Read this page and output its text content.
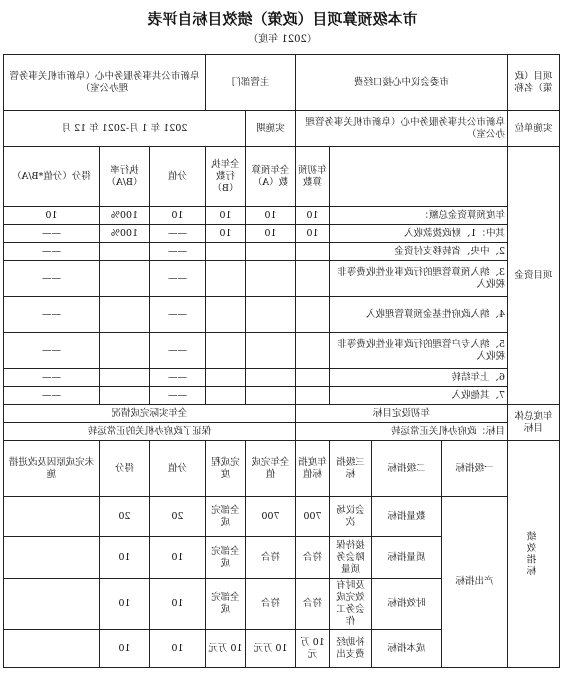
市本级预算项目（政策）绩效目标自评表
（2021 年度）
项目（政策）名称	市委会议中心接口经费				主管部门		阜新市公共事务服务中心（阜新市机关事务管理办公室）		
实施单位	阜新市公共事务服务中心（阜新市机关事务管理办公室）				实施期	2021 年 1 月-2021 年 12 月			
项目资金				年初预算数	全年预算数（A）	全年执行数（B）	分值	执行率（B/A）	得分（分值*B/A）
	年度预算资金总额：			10	10	10	10	100%	10
	其中：1、财政拨款收入			10	10	10	——	100%	——
	2、中央、省转移支付资金						——		——
	3、纳入预算管理的行政事业性收费等非税收入						——		——
	4、纳入政府性基金预算管理收入						——		——
	5、纳入专户管理的行政事业性收费等非税收入						——		——
	6、上年结转						——		——
	7、其他收入						——		——
年度总体目标	年初设定目标				全年实际完成情况				
	目标：政府办机关正常运转				保证了政府办机关的正常运转				
绩效指标	一级指标	二级指标	三级指标	年度指标值	全年完成值	完成程度	分值	得分	未完成原因及改进措施
	产出指标	数量指标	会议场次	700	700	全部完成	20	20	
		质量指标	接待保障会务质量	符合	符合	全部完成	10	10	
		时效指标	及时有效完成会务工作	符合	符合	全部完成	10	10	
		成本指标	补助经费支出	10 万元	10 万元	10 万元	10	10	
